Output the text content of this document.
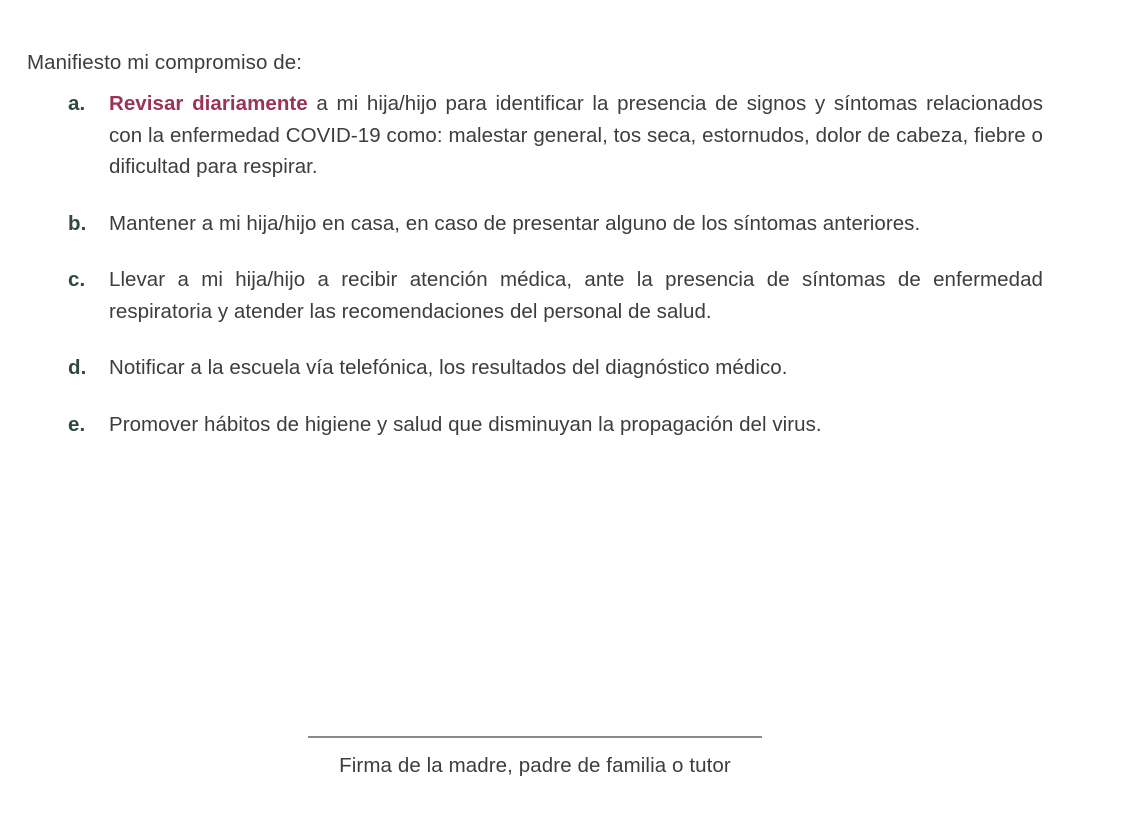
Manifiesto mi compromiso de:

a.	Revisar diariamente a mi hija/hijo para identificar la presencia de signos y síntomas relacionados con la enfermedad COVID-19 como: malestar general, tos seca, estornudos, dolor de cabeza, fiebre o dificultad para respirar.
b.	Mantener a mi hija/hijo en casa, en caso de presentar alguno de los síntomas anteriores.
c.	Llevar a mi hija/hijo a recibir atención médica, ante la presencia de síntomas de enfermedad respiratoria y atender las recomendaciones del personal de salud.
d.	Notificar a la escuela vía telefónica, los resultados del diagnóstico médico.
e.	Promover hábitos de higiene y salud que disminuyan la propagación del virus.
Firma de la madre, padre de familia o tutor
